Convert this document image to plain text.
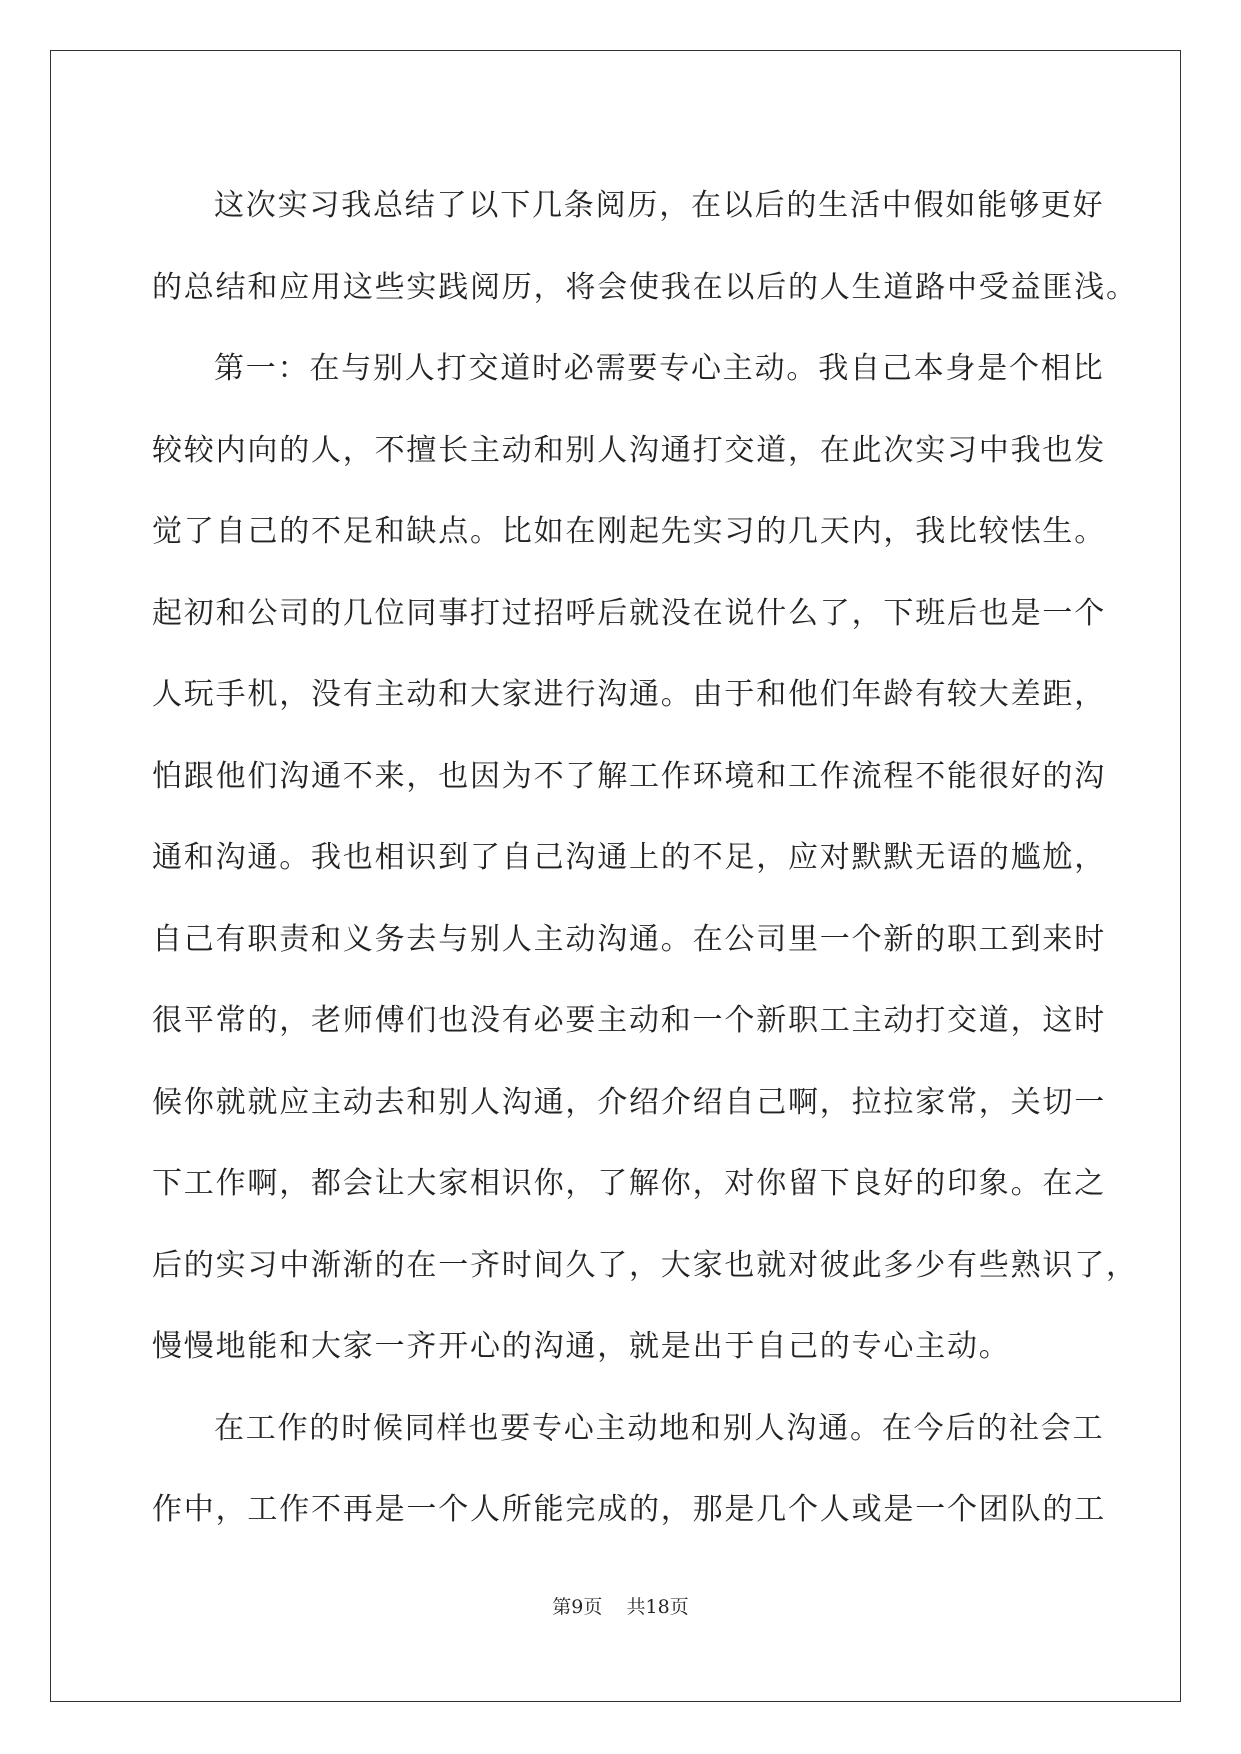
这次实习我总结了以下几条阅历，在以后的生活中假如能够更好
的总结和应用这些实践阅历，将会使我在以后的人生道路中受益匪浅。
第一：在与别人打交道时必需要专心主动。我自己本身是个相比
较较内向的人，不擅长主动和别人沟通打交道，在此次实习中我也发
觉了自己的不足和缺点。比如在刚起先实习的几天内，我比较怯生。
起初和公司的几位同事打过招呼后就没在说什么了，下班后也是一个
人玩手机，没有主动和大家进行沟通。由于和他们年龄有较大差距，
怕跟他们沟通不来，也因为不了解工作环境和工作流程不能很好的沟
通和沟通。我也相识到了自己沟通上的不足，应对默默无语的尴尬，
自己有职责和义务去与别人主动沟通。在公司里一个新的职工到来时
很平常的，老师傅们也没有必要主动和一个新职工主动打交道，这时
候你就就应主动去和别人沟通，介绍介绍自己啊，拉拉家常，关切一
下工作啊，都会让大家相识你，了解你，对你留下良好的印象。在之
后的实习中渐渐的在一齐时间久了，大家也就对彼此多少有些熟识了，
慢慢地能和大家一齐开心的沟通，就是出于自己的专心主动。
在工作的时候同样也要专心主动地和别人沟通。在今后的社会工
作中，工作不再是一个人所能完成的，那是几个人或是一个团队的工
第9页 共18页
